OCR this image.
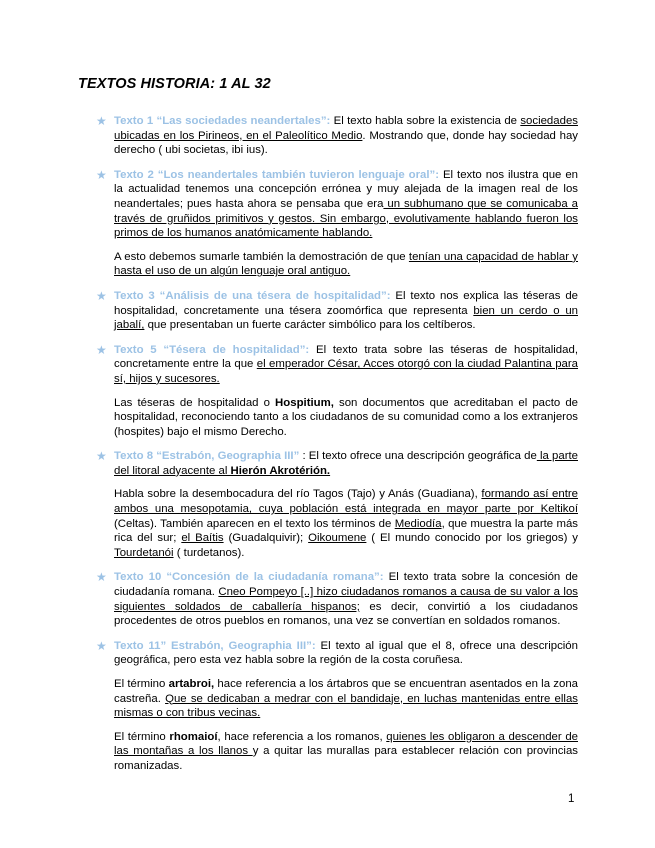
TEXTOS HISTORIA: 1 AL 32
★ Texto 1 “Las sociedades neandertales”: El texto habla sobre la existencia de sociedades ubicadas en los Pirineos, en el Paleolítico Medio. Mostrando que, donde hay sociedad hay derecho ( ubi societas, ibi ius).

★ Texto 2 “Los neandertales también tuvieron lenguaje oral”: El texto nos ilustra que en la actualidad tenemos una concepción errónea y muy alejada de la imagen real de los neandertales; pues hasta ahora se pensaba que era un subhumano que se comunicaba a través de gruñidos primitivos y gestos. Sin embargo, evolutivamente hablando fueron los primos de los humanos anatómicamente hablando.

A esto debemos sumarle también la demostración de que tenían una capacidad de hablar y hasta el uso de un algún lenguaje oral antiguo.

★ Texto 3 “Análisis de una tésera de hospitalidad”: El texto nos explica las téseras de hospitalidad, concretamente una tésera zoomórfica que representa bien un cerdo o un jabalí, que presentaban un fuerte carácter simbólico para los celtíberos.

★ Texto 5 “Tésera de hospitalidad”: El texto trata sobre las téseras de hospitalidad, concretamente entre la que el emperador César, Acces otorgó con la ciudad Palantina para sí, hijos y sucesores.

Las téseras de hospitalidad o Hospitium, son documentos que acreditaban el pacto de hospitalidad, reconociendo tanto a los ciudadanos de su comunidad como a los extranjeros (hospites) bajo el mismo Derecho.

★ Texto 8 “Estrabón, Geographia III” : El texto ofrece una descripción geográfica de la parte del litoral adyacente al Hierón Akrotérión.

Habla sobre la desembocadura del río Tagos (Tajo) y Anás (Guadiana), formando así entre ambos una mesopotamia, cuya población está integrada en mayor parte por Keltikoí (Celtas). También aparecen en el texto los términos de Mediodía, que muestra la parte más rica del sur; el Baítis (Guadalquivir); Oikoumene ( El mundo conocido por los griegos) y Tourdetanói ( turdetanos).

★ Texto 10 “Concesión de la ciudadanía romana”: El texto trata sobre la concesión de ciudadanía romana. Cneo Pompeyo [..] hizo ciudadanos romanos a causa de su valor a los siguientes soldados de caballería hispanos; es decir, convirtió a los ciudadanos procedentes de otros pueblos en romanos, una vez se convertían en soldados romanos.

★ Texto 11” Estrabón, Geographia III”: El texto al igual que el 8, ofrece una descripción geográfica, pero esta vez habla sobre la región de la costa coruñesa.

El término artabroi, hace referencia a los ártabros que se encuentran asentados en la zona castreña. Que se dedicaban a medrar con el bandidaje, en luchas mantenidas entre ellas mismas o con tribus vecinas.

El término rhomaioí, hace referencia a los romanos, quienes les obligaron a descender de las montañas a los llanos y a quitar las murallas para establecer relación con provincias romanizadas.

1
